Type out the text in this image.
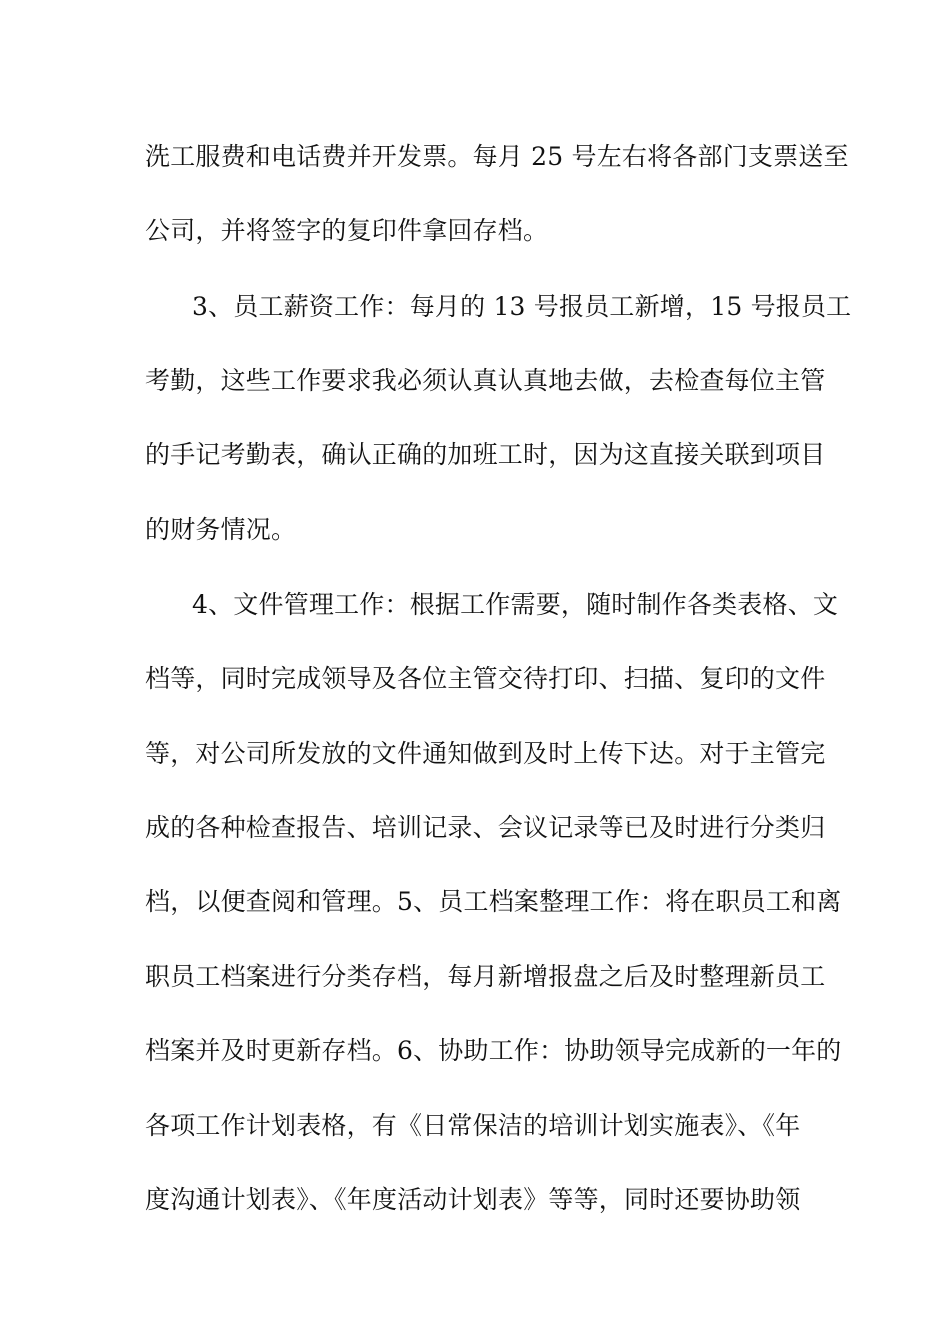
洗工服费和电话费并开发票。每月 25 号左右将各部门支票送至
公司，并将签字的复印件拿回存档。
3、员工薪资工作：每月的 13 号报员工新增，15 号报员工
考勤，这些工作要求我必须认真认真地去做，去检查每位主管
的手记考勤表，确认正确的加班工时，因为这直接关联到项目
的财务情况。
4、文件管理工作：根据工作需要，随时制作各类表格、文
档等，同时完成领导及各位主管交待打印、扫描、复印的文件
等，对公司所发放的文件通知做到及时上传下达。对于主管完
成的各种检查报告、培训记录、会议记录等已及时进行分类归
档，以便查阅和管理。5、员工档案整理工作：将在职员工和离
职员工档案进行分类存档，每月新增报盘之后及时整理新员工
档案并及时更新存档。6、协助工作：协助领导完成新的一年的
各项工作计划表格，有《日常保洁的培训计划实施表》、《年
度沟通计划表》、《年度活动计划表》等等，同时还要协助领
